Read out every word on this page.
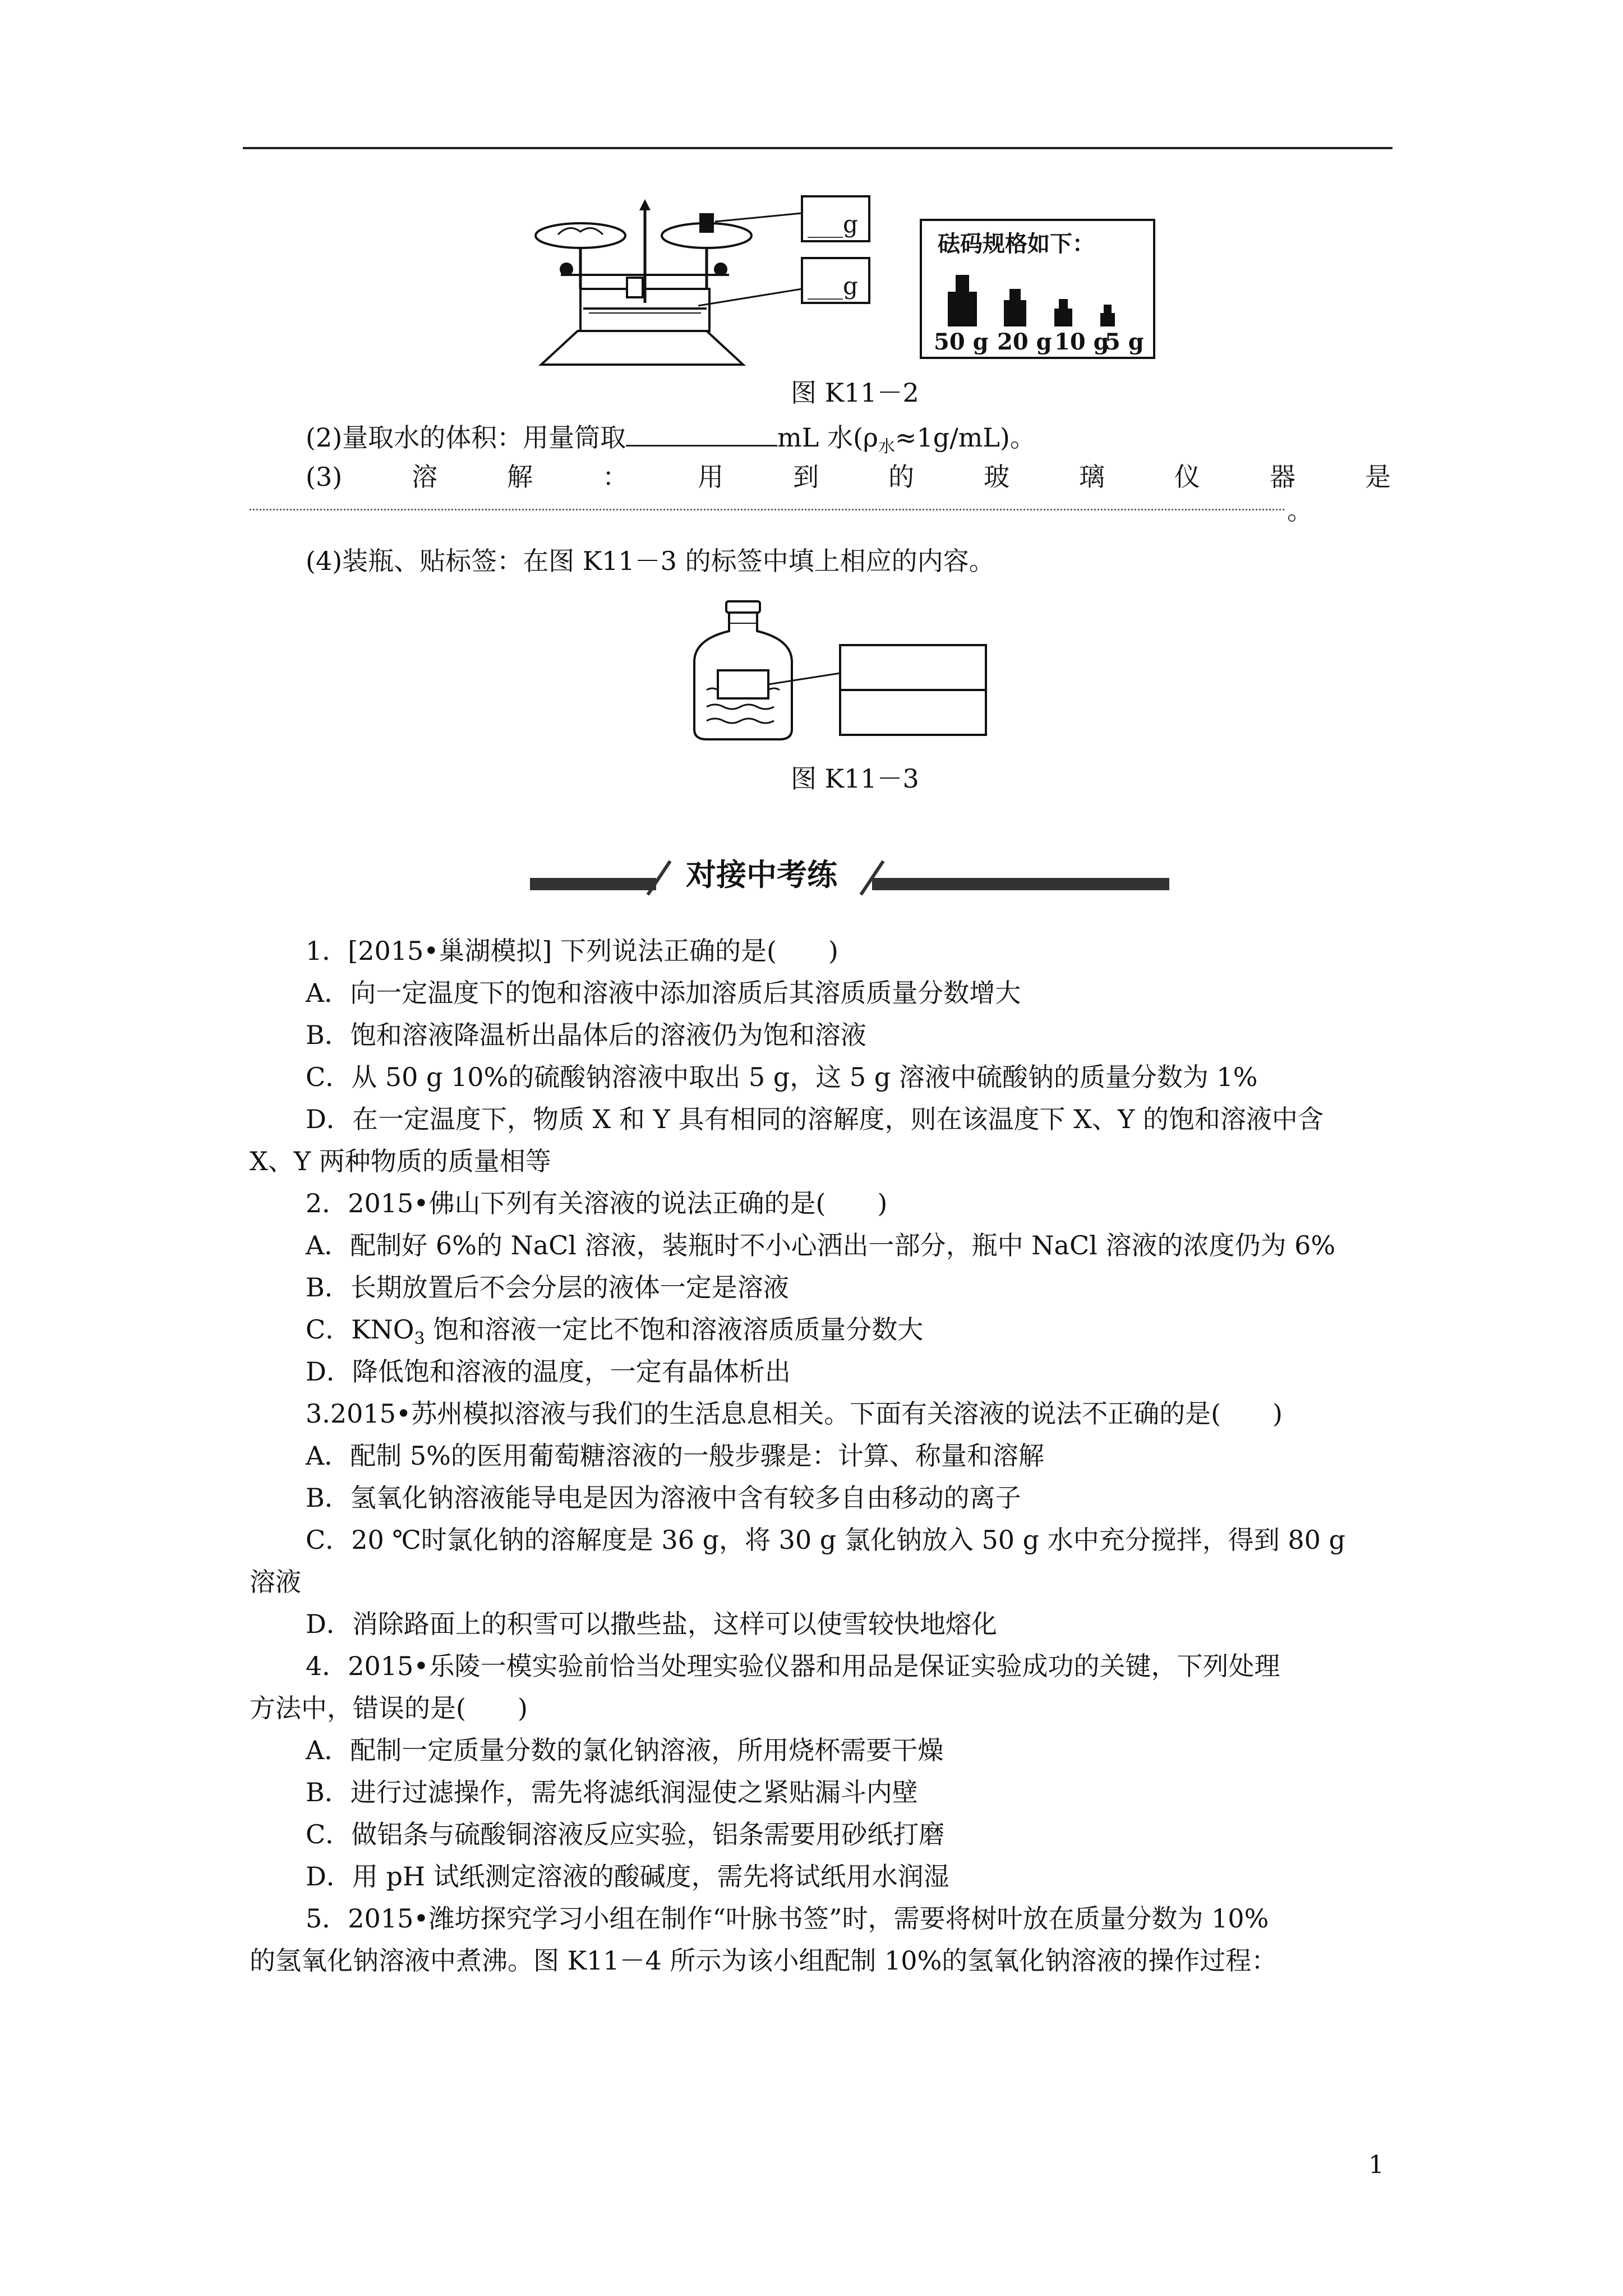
___g
___g
砝码规格如下：
50 g 20 g 10 g
5 g
图 K11－2
(2)量取水的体积：用量筒取	mL 水$(\rho_水\approx 1g/mL)$。
(3)	溶	解	：	用	到	的	玻	璃	仪	器	是
。
(4)装瓶、贴标签：在图 K11－3 的标签中填上相应的内容。
图 K11－3
对接中考练
1．[2015•巢湖模拟] 下列说法正确的是(　　)
A．向一定温度下的饱和溶液中添加溶质后其溶质质量分数增大
B．饱和溶液降温析出晶体后的溶液仍为饱和溶液
C．从 50 g 10%的硫酸钠溶液中取出 5 g，这 5 g 溶液中硫酸钠的质量分数为 1%
D．在一定温度下，物质 X 和 Y 具有相同的溶解度，则在该温度下 X、Y 的饱和溶液中含
X、Y 两种物质的质量相等
2．2015•佛山下列有关溶液的说法正确的是(　　)
A．配制好 6%的 NaCl 溶液，装瓶时不小心洒出一部分，瓶中 NaCl 溶液的浓度仍为 6%
B．长期放置后不会分层的液体一定是溶液
C．$KNO_3$ 饱和溶液一定比不饱和溶液溶质质量分数大
D．降低饱和溶液的温度，一定有晶体析出
3.2015•苏州模拟溶液与我们的生活息息相关。下面有关溶液的说法不正确的是(　　)
A．配制 5%的医用葡萄糖溶液的一般步骤是：计算、称量和溶解
B．氢氧化钠溶液能导电是因为溶液中含有较多自由移动的离子
C．20 ℃时氯化钠的溶解度是 36 g，将 30 g 氯化钠放入 50 g 水中充分搅拌，得到 80 g
溶液
D．消除路面上的积雪可以撒些盐，这样可以使雪较快地熔化
4．2015•乐陵一模实验前恰当处理实验仪器和用品是保证实验成功的关键，下列处理
方法中，错误的是(　　)
A．配制一定质量分数的氯化钠溶液，所用烧杯需要干燥
B．进行过滤操作，需先将滤纸润湿使之紧贴漏斗内壁
C．做铝条与硫酸铜溶液反应实验，铝条需要用砂纸打磨
D．用 pH 试纸测定溶液的酸碱度，需先将试纸用水润湿
5．2015•潍坊探究学习小组在制作“叶脉书签”时，需要将树叶放在质量分数为 10%
的氢氧化钠溶液中煮沸。图 K11－4 所示为该小组配制 10%的氢氧化钠溶液的操作过程：
1
